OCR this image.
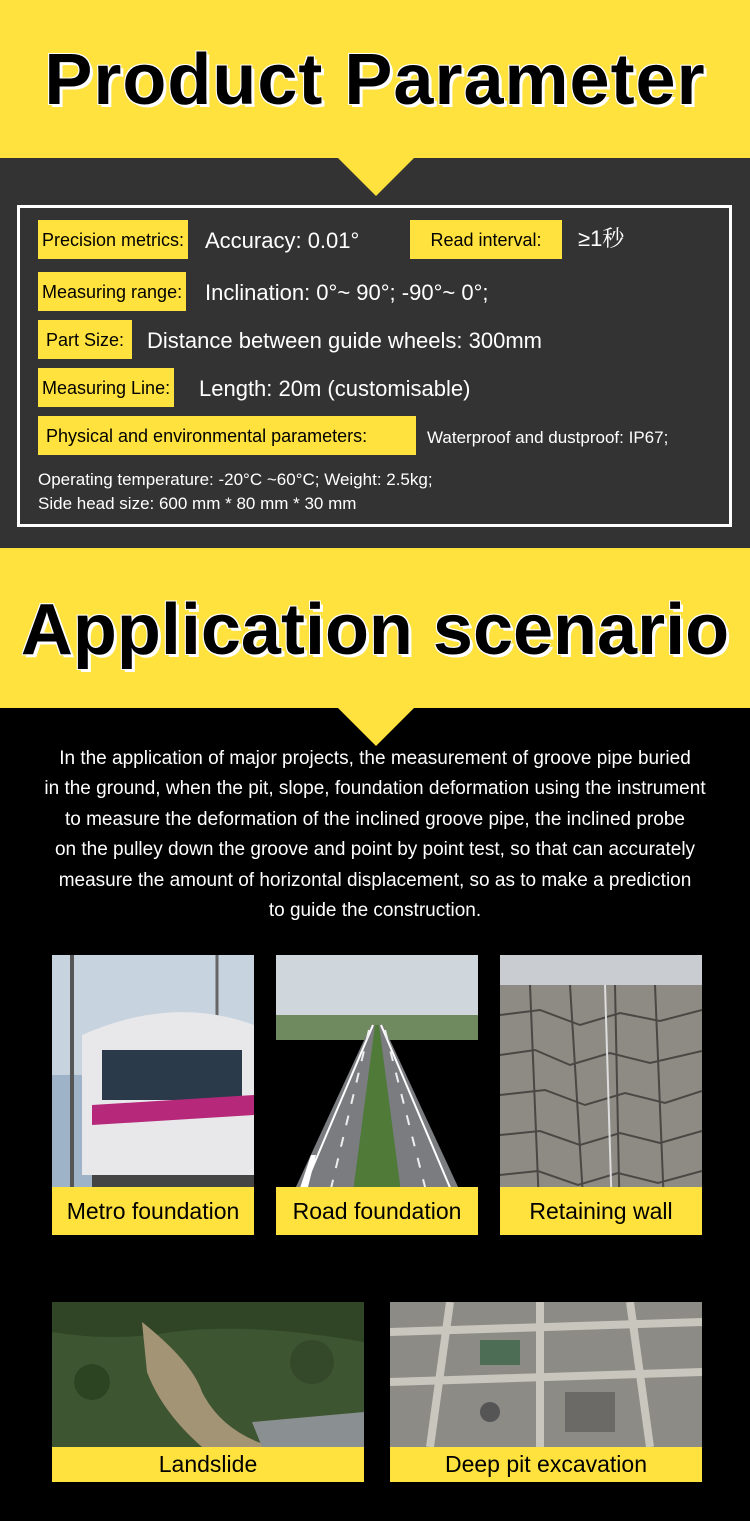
Product Parameter
Precision metrics: Accuracy: 0.01°	Read interval:	≥1秒
Measuring range: Inclination: 0°~ 90°; -90°~ 0°;
Part Size:	Distance between guide wheels: 300mm
Measuring Line: Length: 20m (customisable)
Physical and environmental parameters:	Waterproof and dustproof: IP67;
Operating temperature: -20°C ~60°C; Weight: 2.5kg;
Side head size: 600 mm * 80 mm * 30 mm
Application scenario
In the application of major projects, the measurement of groove pipe buried
in the ground, when the pit, slope, foundation deformation using the instrument
to measure the deformation of the inclined groove pipe, the inclined probe
on the pulley down the groove and point by point test, so that can accurately
measure the amount of horizontal displacement, so as to make a prediction
to guide the construction.
Metro foundation	Road foundation	Retaining wall
Landslide	Deep pit excavation
